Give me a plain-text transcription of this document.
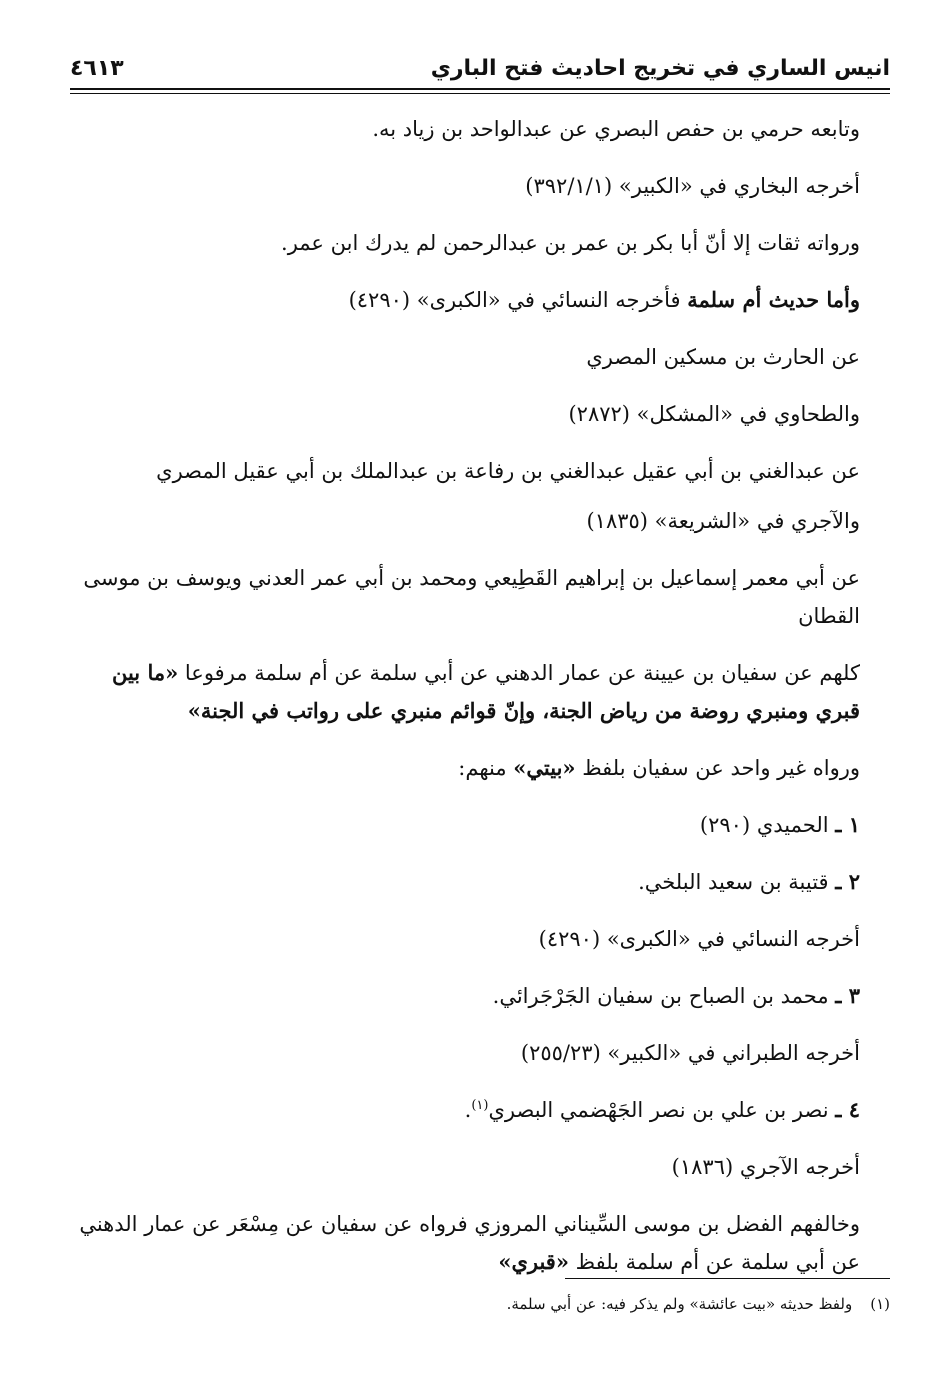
انيس الساري في تخريج احاديث فتح الباري
٤٦١٣

وتابعه حرمي بن حفص البصري عن عبدالواحد بن زياد به.

أخرجه البخاري في «الكبير» (٣٩٢/١/١)

ورواته ثقات إلا أنّ أبا بكر بن عمر بن عبدالرحمن لم يدرك ابن عمر.

وأما حديث أم سلمة فأخرجه النسائي في «الكبرى» (٤٢٩٠)

عن الحارث بن مسكين المصري

والطحاوي في «المشكل» (٢٨٧٢)

عن عبدالغني بن أبي عقيل عبدالغني بن رفاعة بن عبدالملك بن أبي عقيل المصري

والآجري في «الشريعة» (١٨٣٥)

عن أبي معمر إسماعيل بن إبراهيم القَطِيعي ومحمد بن أبي عمر العدني ويوسف بن موسى القطان

كلهم عن سفيان بن عيينة عن عمار الدهني عن أبي سلمة عن أم سلمة مرفوعا «ما بين قبري ومنبري روضة من رياض الجنة، وإنّ قوائم منبري على رواتب في الجنة»

ورواه غير واحد عن سفيان بلفظ «بيتي» منهم:

١ ـ الحميدي (٢٩٠)

٢ ـ قتيبة بن سعيد البلخي.

أخرجه النسائي في «الكبرى» (٤٢٩٠)

٣ ـ محمد بن الصباح بن سفيان الجَرْجَرائي.

أخرجه الطبراني في «الكبير» (٢٥٥/٢٣)

٤ ـ نصر بن علي بن نصر الجَهْضمي البصري$^{(١)}$.

أخرجه الآجري (١٨٣٦)

وخالفهم الفضل بن موسى السِّيناني المروزي فرواه عن سفيان عن مِسْعَر عن عمار الدهني عن أبي سلمة عن أم سلمة بلفظ «قبري»

(١)ولفظ حديثه «بيت عائشة» ولم يذكر فيه: عن أبي سلمة.
